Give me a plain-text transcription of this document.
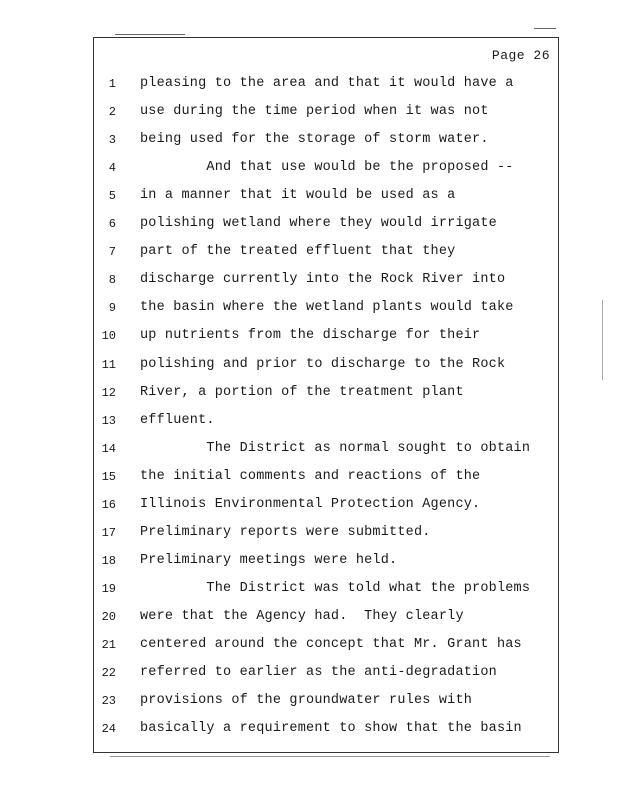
Page 26
1 pleasing to the area and that it would have a
2 use during the time period when it was not
3 being used for the storage of storm water.
4 And that use would be the proposed --
5 in a manner that it would be used as a
6 polishing wetland where they would irrigate
7 part of the treated effluent that they
8 discharge currently into the Rock River into
9 the basin where the wetland plants would take
10 up nutrients from the discharge for their
11 polishing and prior to discharge to the Rock
12 River, a portion of the treatment plant
13 effluent.
14 The District as normal sought to obtain
15 the initial comments and reactions of the
16 Illinois Environmental Protection Agency.
17 Preliminary reports were submitted.
18 Preliminary meetings were held.
19 The District was told what the problems
20 were that the Agency had.  They clearly
21 centered around the concept that Mr. Grant has
22 referred to earlier as the anti-degradation
23 provisions of the groundwater rules with
24 basically a requirement to show that the basin
